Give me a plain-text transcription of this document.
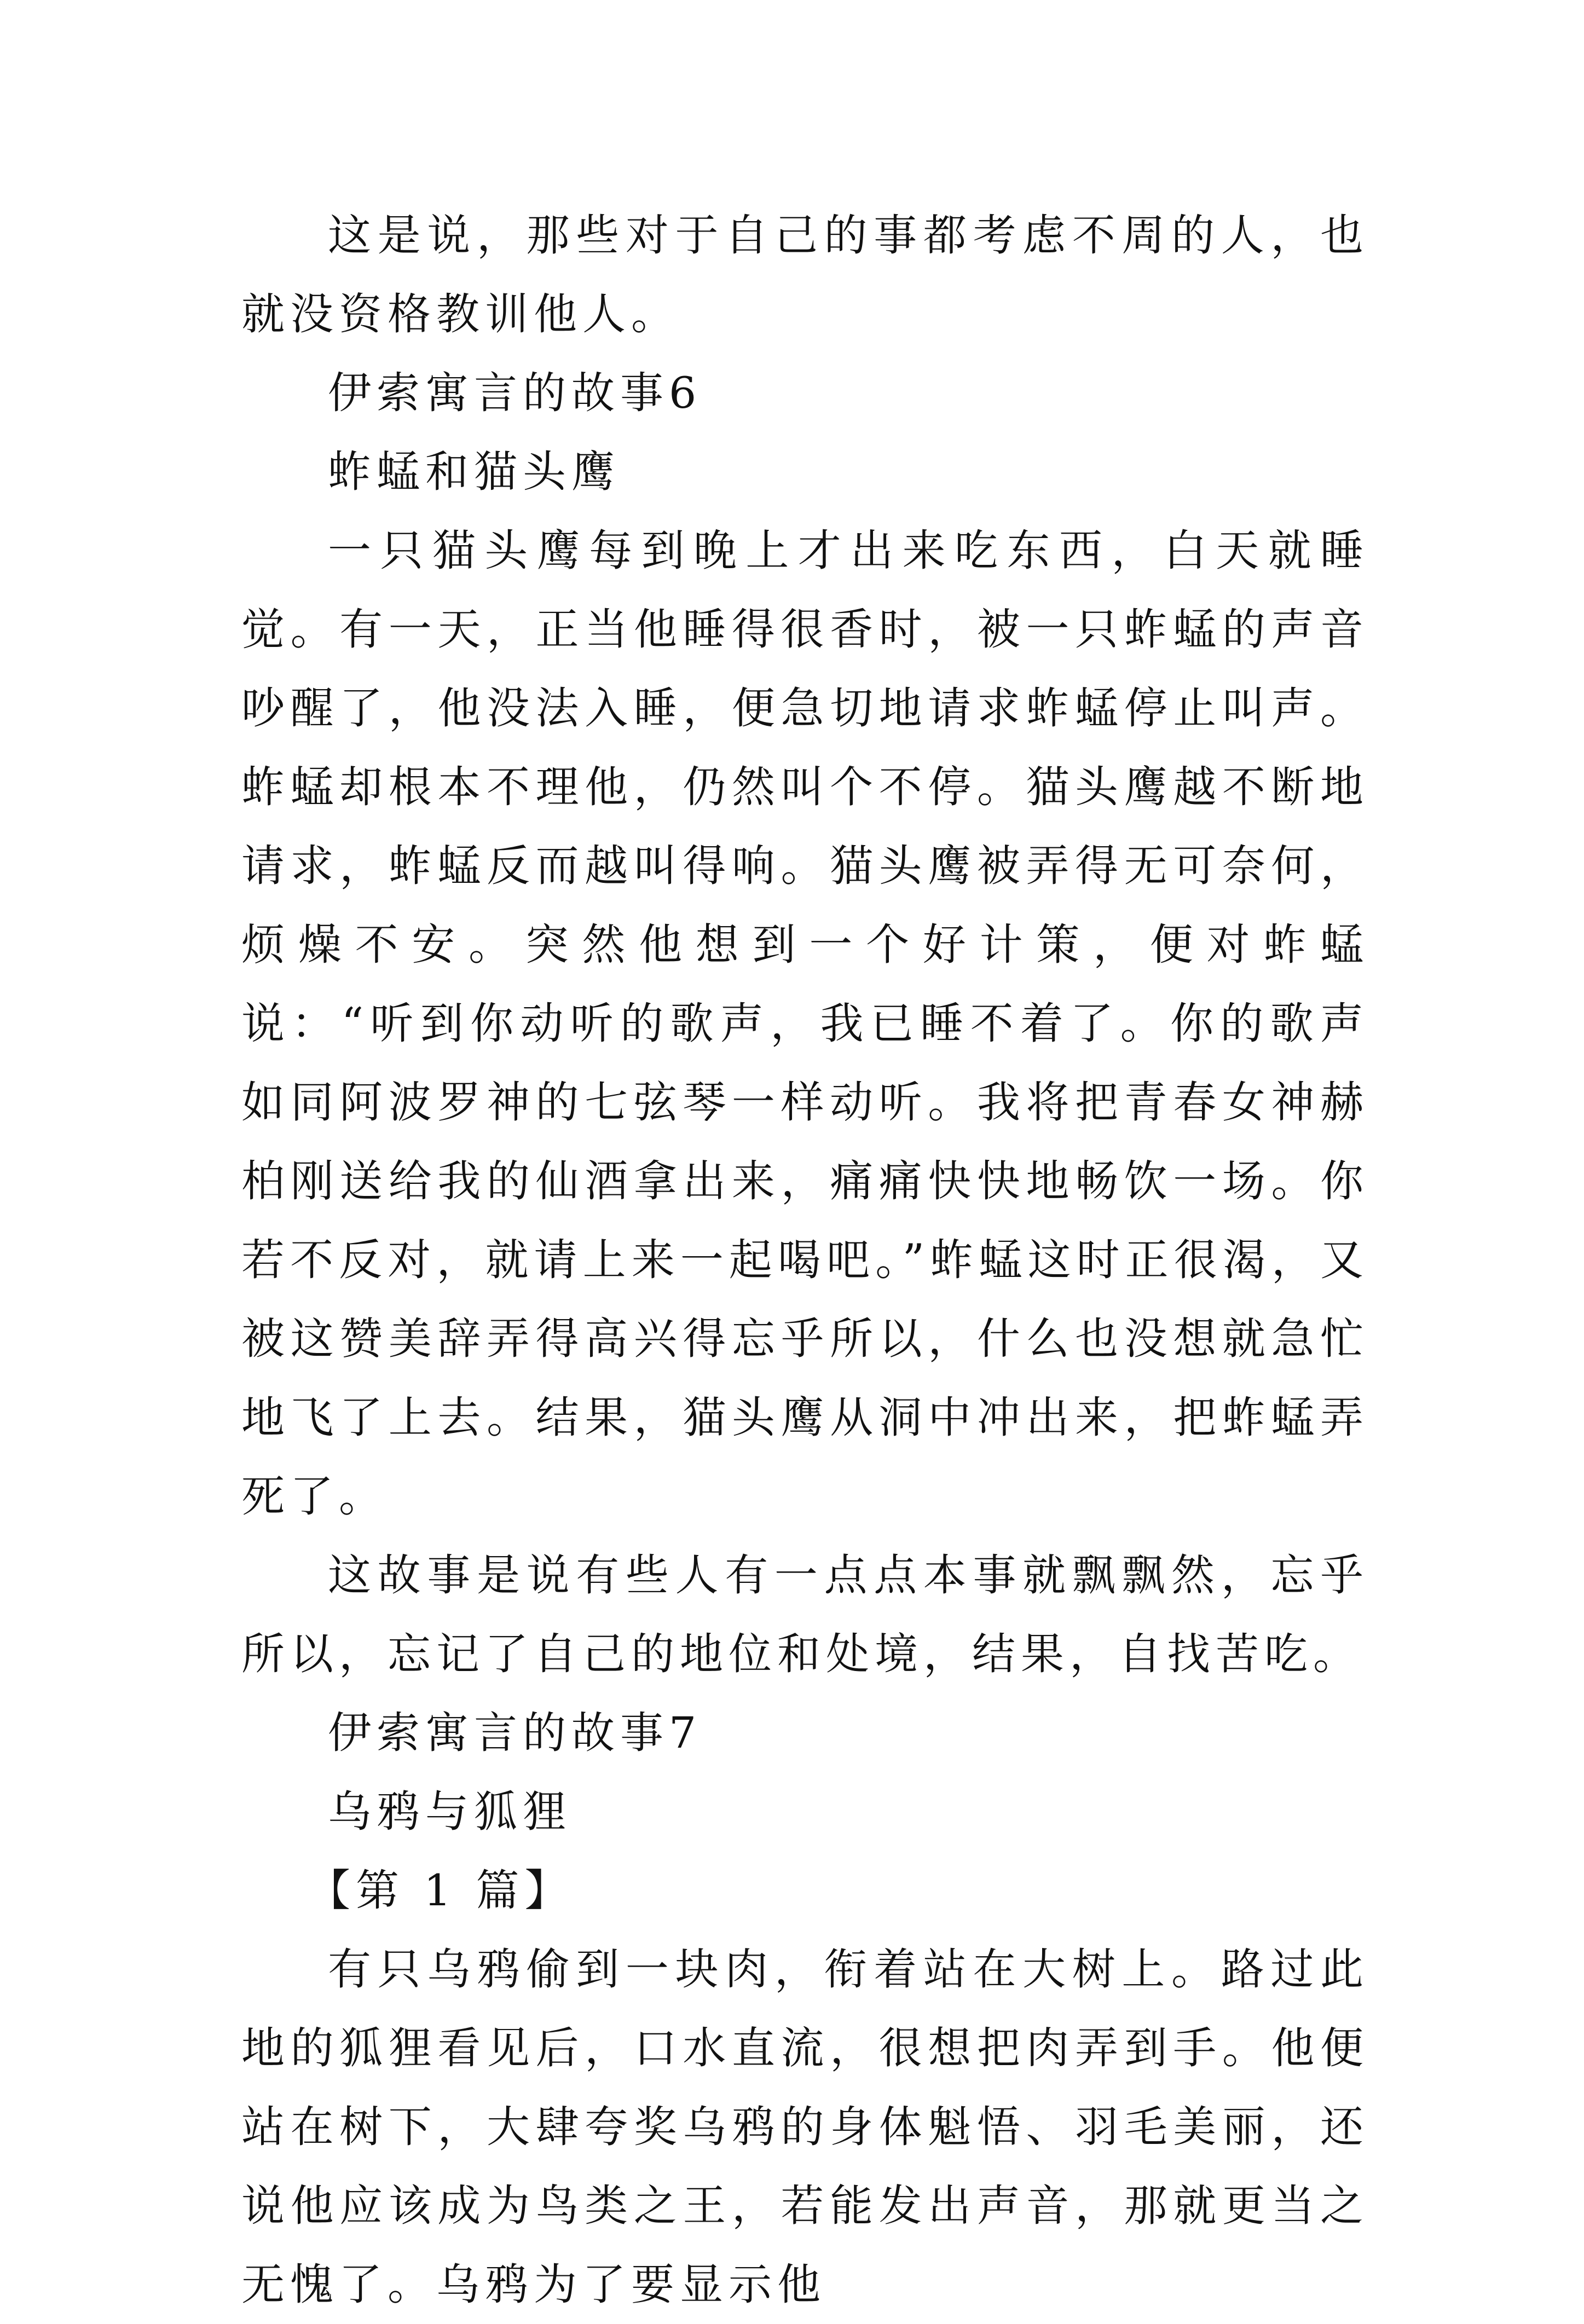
这是说，那些对于自己的事都考虑不周的人，也就没资格教训他人。

伊索寓言的故事6

蚱蜢和猫头鹰

一只猫头鹰每到晚上才出来吃东西，白天就睡觉。有一天，正当他睡得很香时，被一只蚱蜢的声音吵醒了，他没法入睡，便急切地请求蚱蜢停止叫声。蚱蜢却根本不理他，仍然叫个不停。猫头鹰越不断地请求，蚱蜢反而越叫得响。猫头鹰被弄得无可奈何，烦燥不安。突然他想到一个好计策，便对蚱蜢说：“听到你动听的歌声，我已睡不着了。你的歌声如同阿波罗神的七弦琴一样动听。我将把青春女神赫柏刚送给我的仙酒拿出来，痛痛快快地畅饮一场。你若不反对，就请上来一起喝吧。”蚱蜢这时正很渴，又被这赞美辞弄得高兴得忘乎所以，什么也没想就急忙地飞了上去。结果，猫头鹰从洞中冲出来，把蚱蜢弄死了。

这故事是说有些人有一点点本事就飘飘然，忘乎所以，忘记了自己的地位和处境，结果，自找苦吃。

伊索寓言的故事7

乌鸦与狐狸

【第 1 篇】

有只乌鸦偷到一块肉，衔着站在大树上。路过此地的狐狸看见后，口水直流，很想把肉弄到手。他便站在树下，大肆夸奖乌鸦的身体魁悟、羽毛美丽，还说他应该成为鸟类之王，若能发出声音，那就更当之无愧了。乌鸦为了要显示他
